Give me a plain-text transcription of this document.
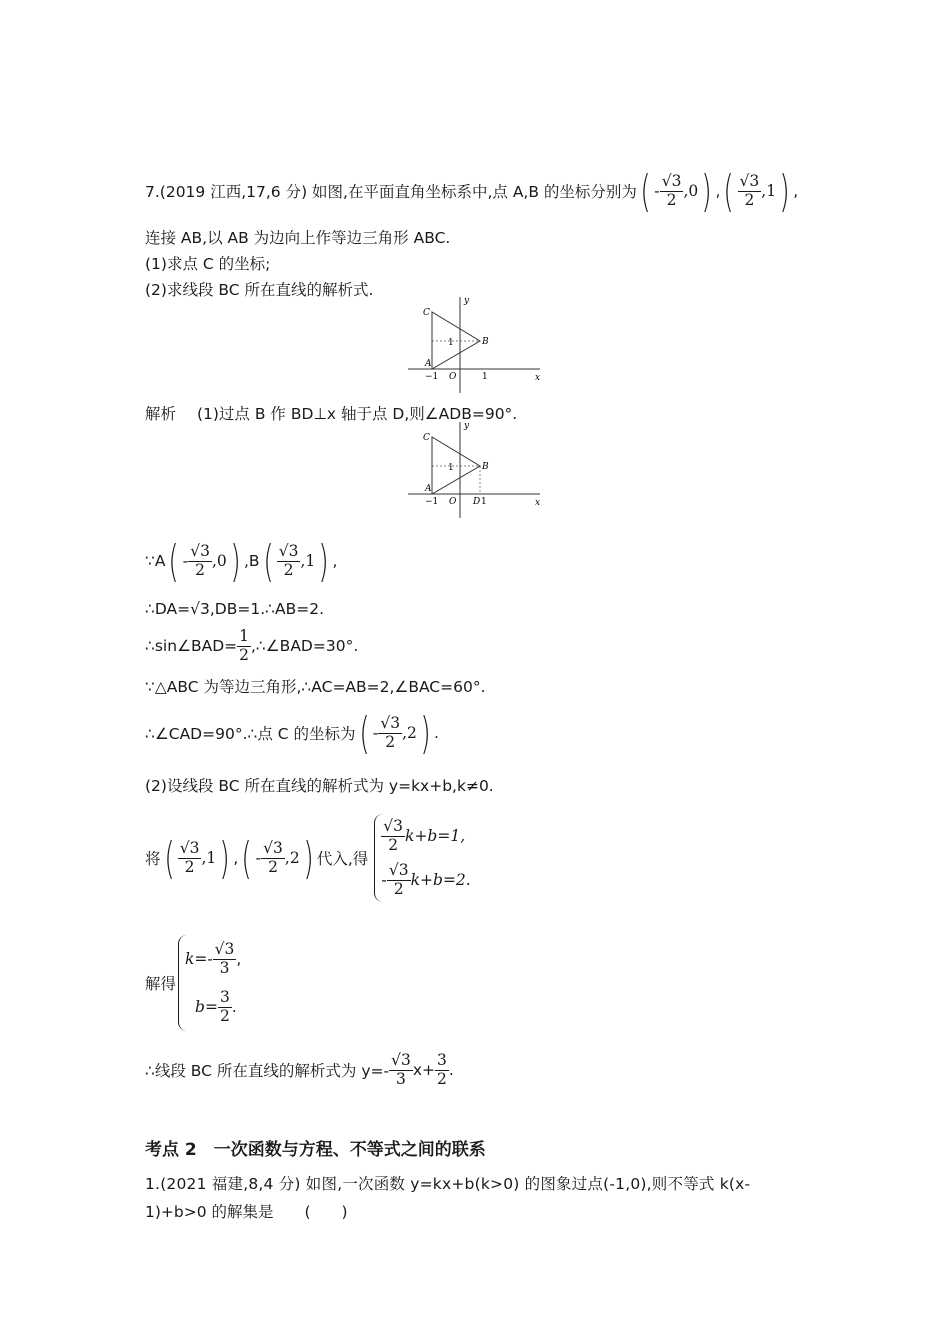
7.(2019 江西,17,6 分) 如图,在平面直角坐标系中,点 A,B 的坐标分别为 ( - $\frac{√3}{2}$ , 0 ) , ( $\frac{√3}{2}$ , 1 ) ,
连接 AB,以 AB 为边向上作等边三角形 ABC.
(1)求点 C 的坐标;
(2)求线段 BC 所在直线的解析式.
C
A
B
y
x
1
−1 O	1
解析 (1)过点 B 作 BD⊥x 轴于点 D,则∠ADB=90°.
C
A
B
y
x
1
−1 O D 1
∵A ( - $\frac{√3}{2}$ , 0 ) ,B ( $\frac{√3}{2}$ , 1 ) ,
∴DA=√3,DB=1.∴AB=2.
∴sin∠BAD= $\frac{1}{2}$ ,∴∠BAD=30°.
∵△ABC 为等边三角形,∴AC=AB=2,∠BAC=60°.
∴∠CAD=90°.∴点 C 的坐标为 ( - $\frac{√3}{2}$ , 2 ) .
(2)设线段 BC 所在直线的解析式为 y=kx+b,k≠0.
将 ( $\frac{√3}{2}$ , 1 ) , ( - $\frac{√3}{2}$ , 2 ) 代入,得
$\frac{√3}{2} k+b=1$,
- $\frac{√3}{2} k+b=2$.
解得
$k=- \frac{√3}{3}$ ,
$b= \frac{3}{2}$ .
∴线段 BC 所在直线的解析式为 $y=- \frac{√3}{3} x+ \frac{3}{2}$ .
考点 2　一次函数与方程、不等式之间的联系
1.(2021 福建,8,4 分) 如图,一次函数 y=kx+b(k>0) 的图象过点(-1,0),则不等式 k(x-
1)+b>0 的解集是　　(　　)
